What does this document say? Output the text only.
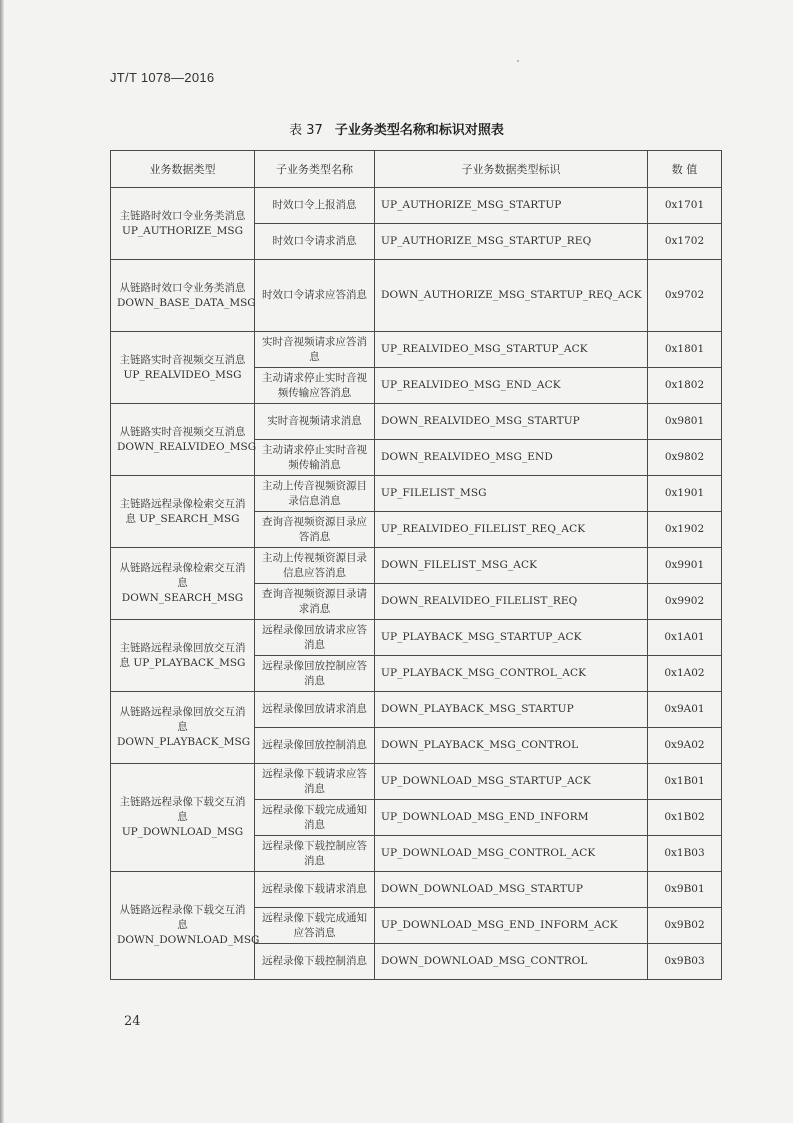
JT/T 1078—2016
表 37 子业务类型名称和标识对照表
业务数据类型	子业务类型名称	子业务数据类型标识	数 值
主链路时效口令业务类消息 UP_AUTHORIZE_MSG	时效口令上报消息	UP_AUTHORIZE_MSG_STARTUP	0x1701
	时效口令请求消息	UP_AUTHORIZE_MSG_STARTUP_REQ	0x1702
从链路时效口令业务类消息 DOWN_BASE_DATA_MSG	时效口令请求应答消息	DOWN_AUTHORIZE_MSG_STARTUP_REQ_ACK	0x9702
主链路实时音视频交互消息 UP_REALVIDEO_MSG	实时音视频请求应答消息	UP_REALVIDEO_MSG_STARTUP_ACK	0x1801
	主动请求停止实时音视频传输应答消息	UP_REALVIDEO_MSG_END_ACK	0x1802
从链路实时音视频交互消息 DOWN_REALVIDEO_MSG	实时音视频请求消息	DOWN_REALVIDEO_MSG_STARTUP	0x9801
	主动请求停止实时音视频传输消息	DOWN_REALVIDEO_MSG_END	0x9802
主链路远程录像检索交互消息 UP_SEARCH_MSG	主动上传音视频资源目录信息消息	UP_FILELIST_MSG	0x1901
	查询音视频资源目录应答消息	UP_REALVIDEO_FILELIST_REQ_ACK	0x1902
从链路远程录像检索交互消息 DOWN_SEARCH_MSG	主动上传视频资源目录信息应答消息	DOWN_FILELIST_MSG_ACK	0x9901
	查询音视频资源目录请求消息	DOWN_REALVIDEO_FILELIST_REQ	0x9902
主链路远程录像回放交互消息 UP_PLAYBACK_MSG	远程录像回放请求应答消息	UP_PLAYBACK_MSG_STARTUP_ACK	0x1A01
	远程录像回放控制应答消息	UP_PLAYBACK_MSG_CONTROL_ACK	0x1A02
从链路远程录像回放交互消息 DOWN_PLAYBACK_MSG	远程录像回放请求消息	DOWN_PLAYBACK_MSG_STARTUP	0x9A01
	远程录像回放控制消息	DOWN_PLAYBACK_MSG_CONTROL	0x9A02
主链路远程录像下载交互消息 UP_DOWNLOAD_MSG	远程录像下载请求应答消息	UP_DOWNLOAD_MSG_STARTUP_ACK	0x1B01
	远程录像下载完成通知消息	UP_DOWNLOAD_MSG_END_INFORM	0x1B02
	远程录像下载控制应答消息	UP_DOWNLOAD_MSG_CONTROL_ACK	0x1B03
从链路远程录像下载交互消息 DOWN_DOWNLOAD_MSG	远程录像下载请求消息	DOWN_DOWNLOAD_MSG_STARTUP	0x9B01
	远程录像下载完成通知应答消息	UP_DOWNLOAD_MSG_END_INFORM_ACK	0x9B02
	远程录像下载控制消息	DOWN_DOWNLOAD_MSG_CONTROL	0x9B03
24
